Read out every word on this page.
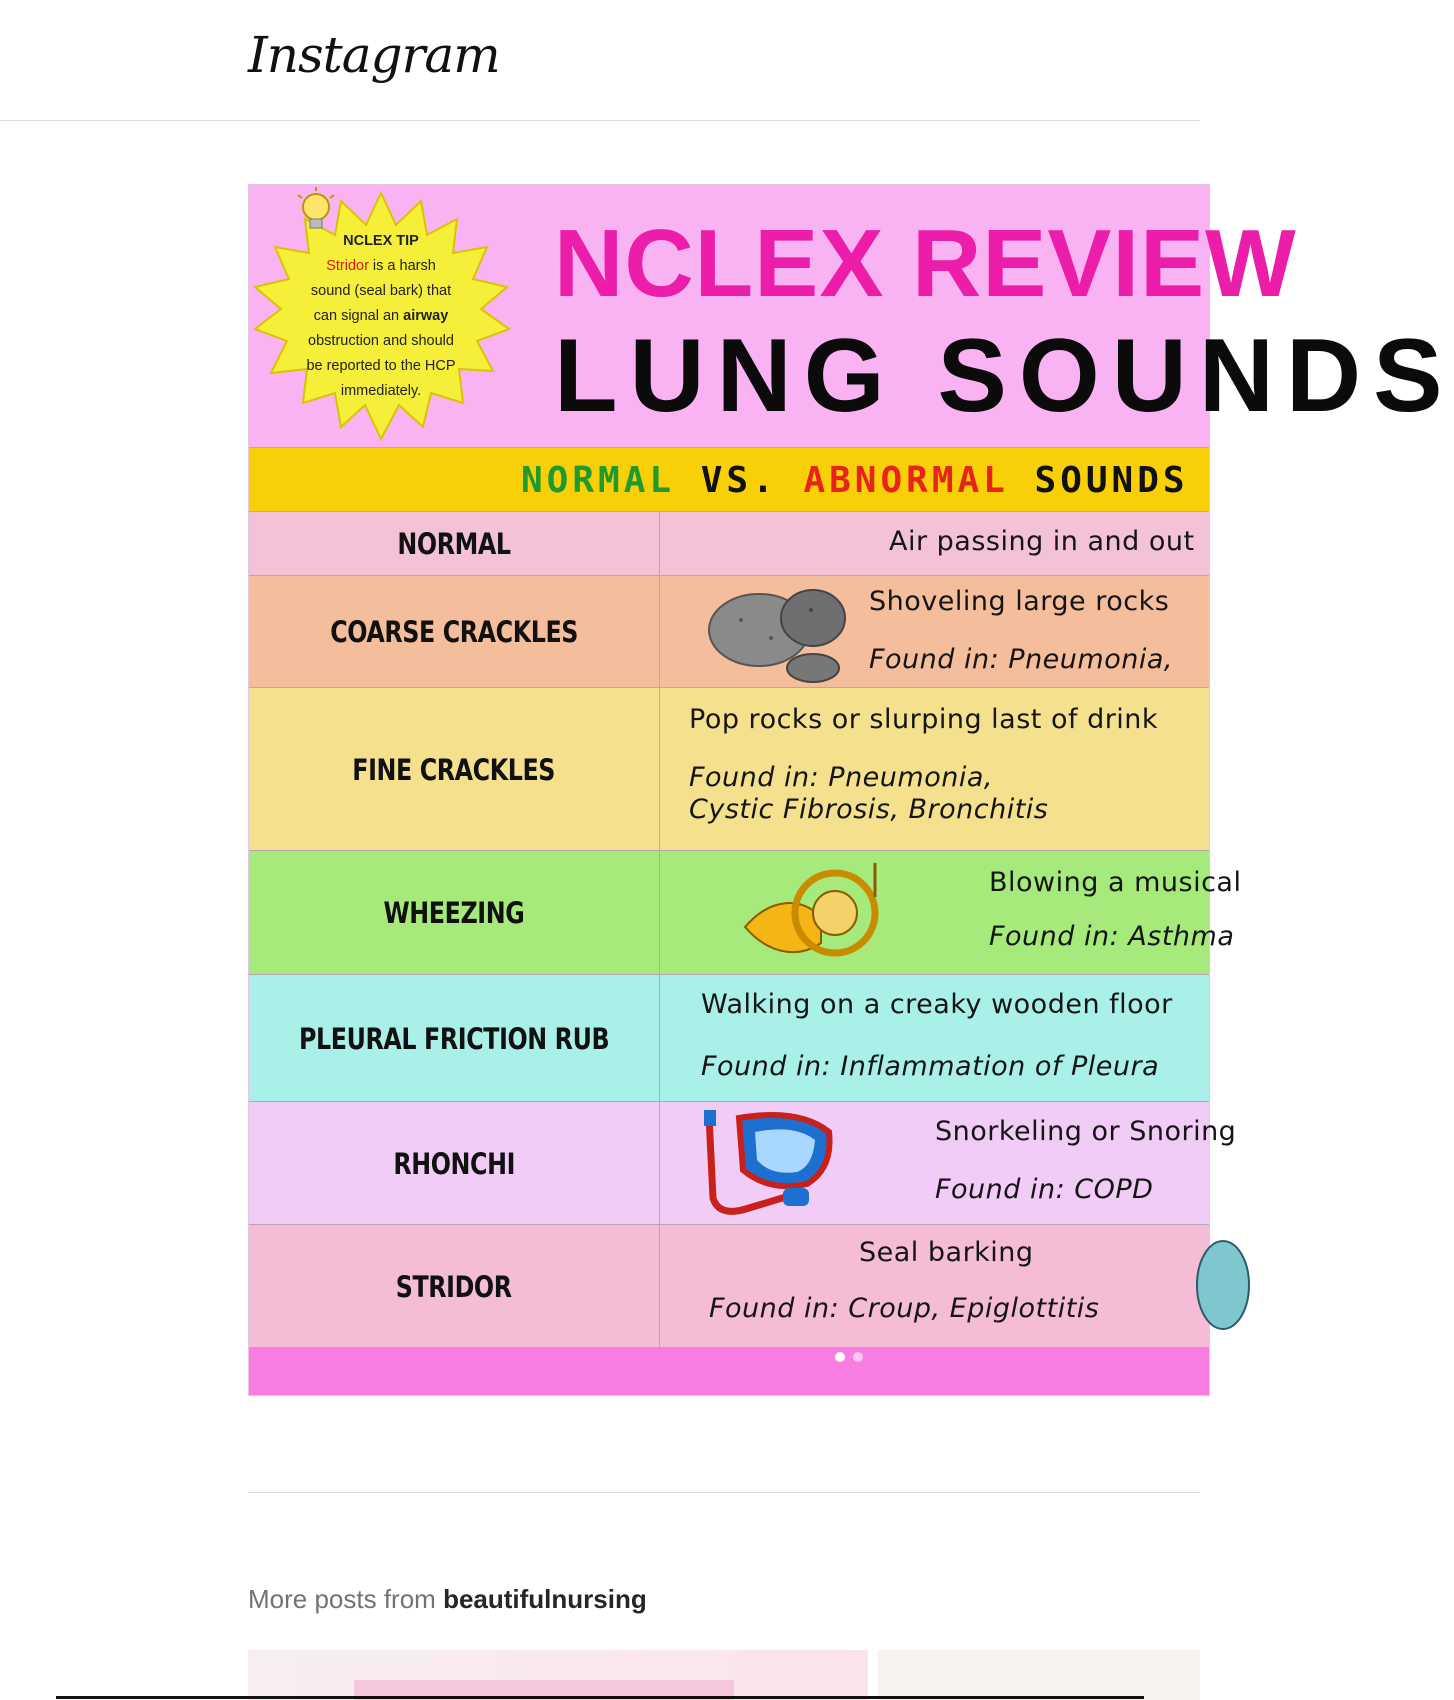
Instagram
NCLEX TIP
Stridor is a harsh
sound (seal bark) that
can signal an airway
obstruction and should
be reported to the HCP
immediately.
NCLEX REVIEW
LUNG SOUNDS
NORMAL VS. ABNORMAL SOUNDS
NORMAL	Air passing in and out
COARSE CRACKLES
Shoveling large rocks
Found in: Pneumonia,
FINE CRACKLES
Pop rocks or slurping last of drink
Found in: Pneumonia,
Cystic Fibrosis, Bronchitis
WHEEZING
Blowing a musical
Found in: Asthma
PLEURAL FRICTION RUB
Walking on a creaky wooden floor
Found in: Inflammation of Pleura
RHONCHI
Snorkeling or Snoring
Found in: COPD
STRIDOR
Seal barking
Found in: Croup, Epiglottitis
More posts from beautifulnursing
